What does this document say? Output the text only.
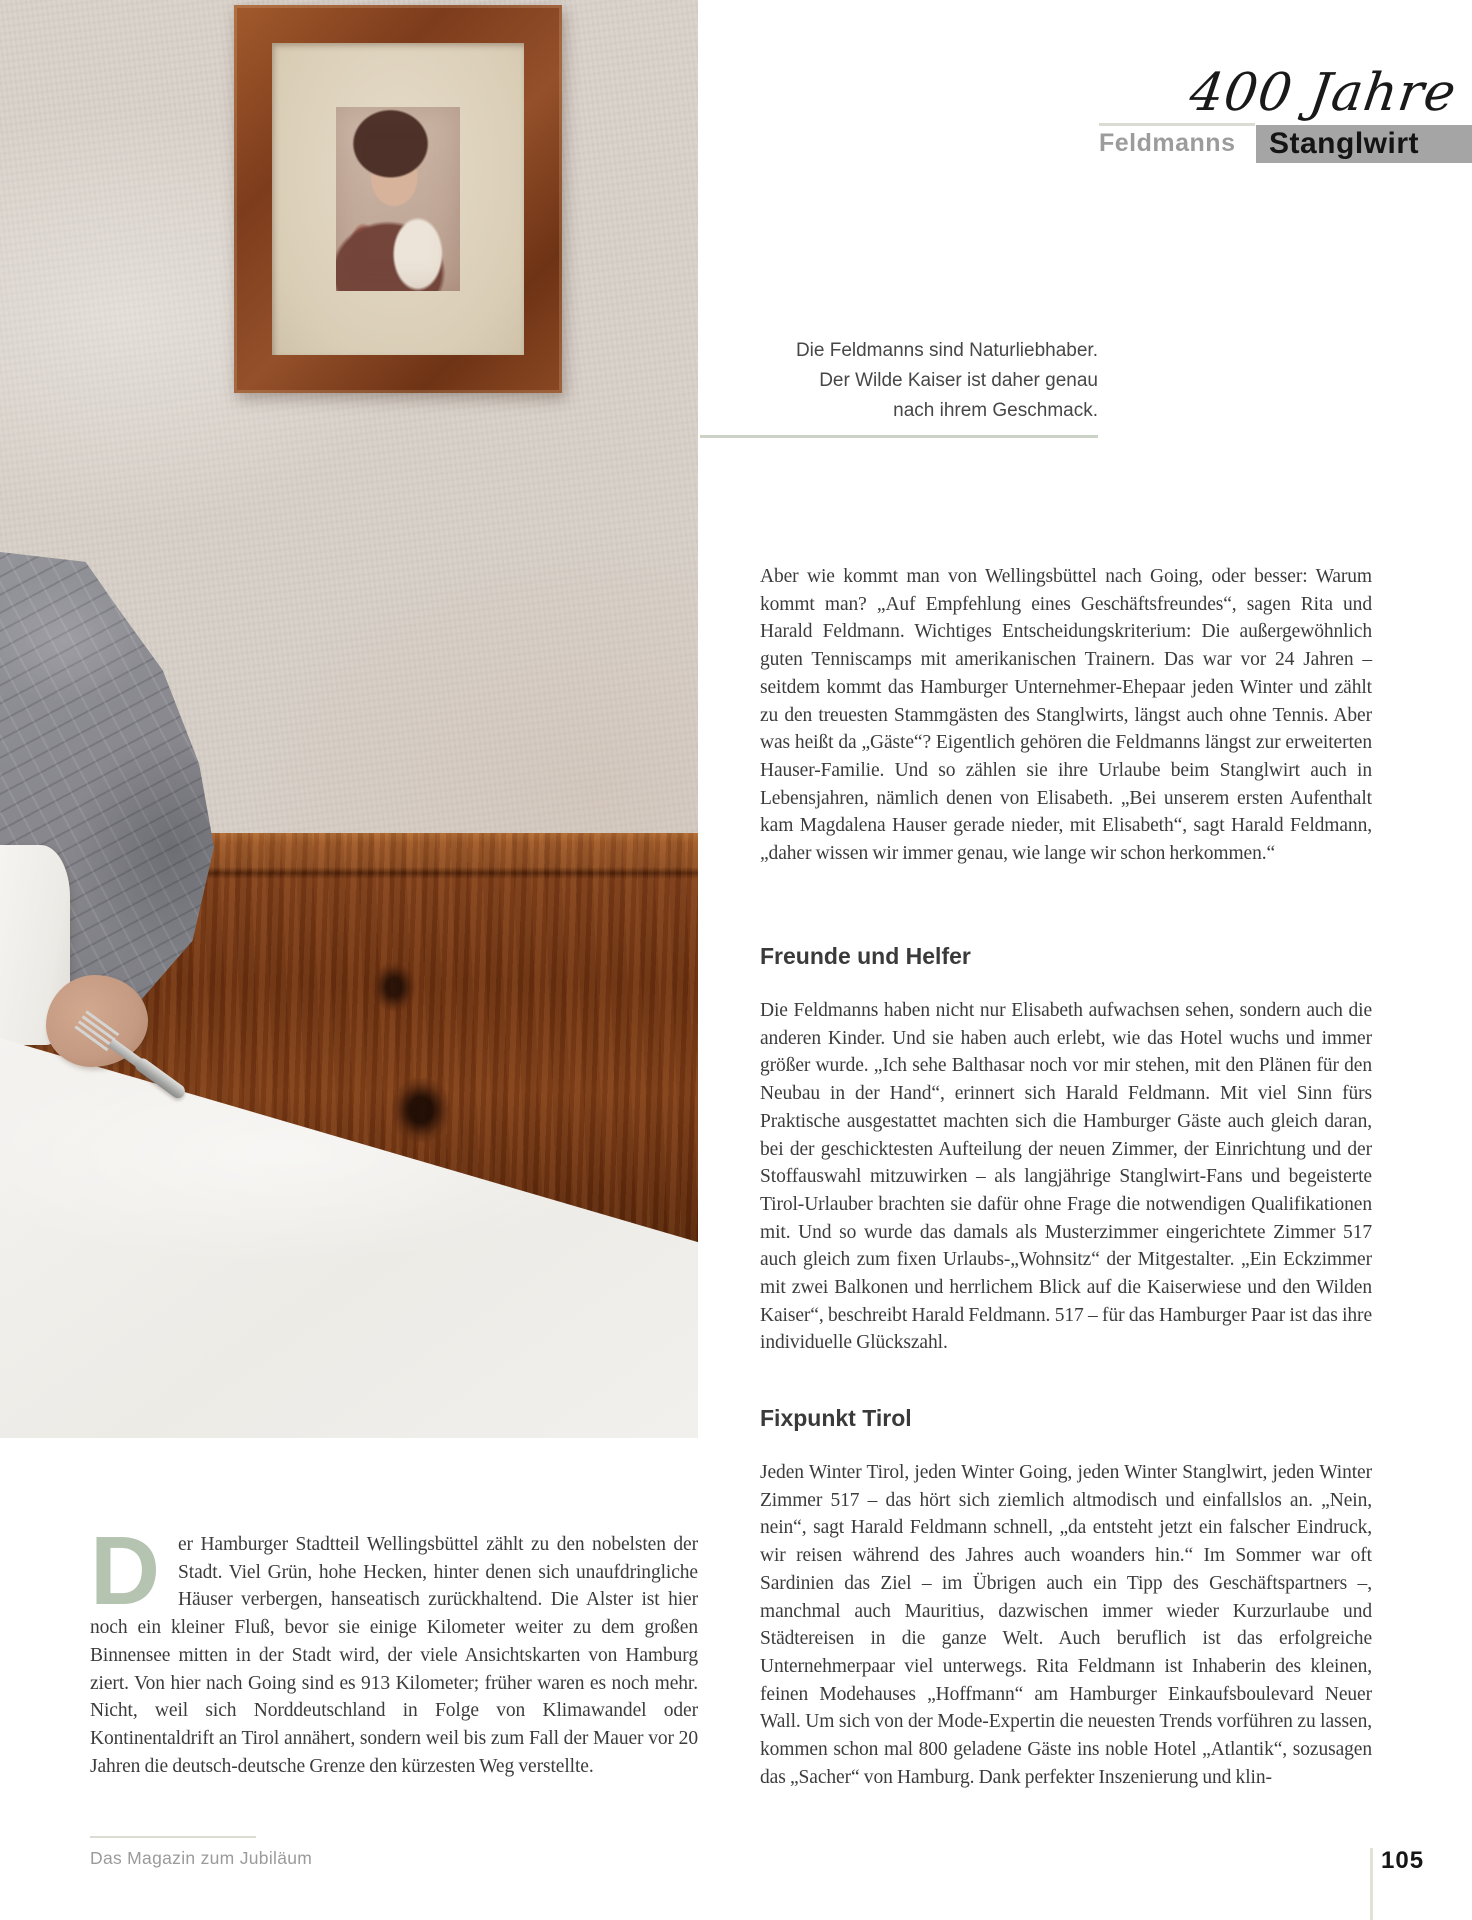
400 Jahre
Feldmanns	Stanglwirt
Die Feldmanns sind Naturliebhaber.
Der Wilde Kaiser ist daher genau
nach ihrem Geschmack.
Aber wie kommt man von Wellingsbüttel nach Going, oder besser: Warum kommt man? „Auf Empfehlung eines Geschäftsfreundes“, sagen Rita und Harald Feldmann. Wichtiges Entscheidungskriterium: Die außergewöhnlich guten Tenniscamps mit amerikanischen Trainern. Das war vor 24 Jahren – seitdem kommt das Hamburger Unternehmer-Ehepaar jeden Winter und zählt zu den treuesten Stammgästen des Stanglwirts, längst auch ohne Tennis. Aber was heißt da „Gäste“? Eigentlich gehören die Feldmanns längst zur erweiterten Hauser-Familie. Und so zählen sie ihre Urlaube beim Stanglwirt auch in Lebensjahren, nämlich denen von Elisabeth. „Bei unserem ersten Aufenthalt kam Magdalena Hauser gerade nieder, mit Elisabeth“, sagt Harald Feldmann, „daher wissen wir immer genau, wie lange wir schon herkommen.“
Freunde und Helfer
Die Feldmanns haben nicht nur Elisabeth aufwachsen sehen, sondern auch die anderen Kinder. Und sie haben auch erlebt, wie das Hotel wuchs und immer größer wurde. „Ich sehe Balthasar noch vor mir stehen, mit den Plänen für den Neubau in der Hand“, erinnert sich Harald Feldmann. Mit viel Sinn fürs Praktische ausgestattet machten sich die Hamburger Gäste auch gleich daran, bei der geschicktesten Aufteilung der neuen Zimmer, der Einrichtung und der Stoffauswahl mitzuwirken – als langjährige Stanglwirt-Fans und begeisterte Tirol-Urlauber brachten sie dafür ohne Frage die notwendigen Qualifikationen mit. Und so wurde das damals als Musterzimmer eingerichtete Zimmer 517 auch gleich zum fixen Urlaubs-„Wohnsitz“ der Mitgestalter. „Ein Eckzimmer mit zwei Balkonen und herrlichem Blick auf die Kaiserwiese und den Wilden Kaiser“, beschreibt Harald Feldmann. 517 – für das Hamburger Paar ist das ihre individuelle Glückszahl.
Fixpunkt Tirol
Jeden Winter Tirol, jeden Winter Going, jeden Winter Stanglwirt, jeden Winter Zimmer 517 – das hört sich ziemlich altmodisch und einfallslos an. „Nein, nein“, sagt Harald Feldmann schnell, „da entsteht jetzt ein falscher Eindruck, wir reisen während des Jahres auch woanders hin.“ Im Sommer war oft Sardinien das Ziel – im Übrigen auch ein Tipp des Geschäftspartners –, manchmal auch Mauritius, dazwischen immer wieder Kurzurlaube und Städtereisen in die ganze Welt. Auch beruflich ist das erfolgreiche Unternehmerpaar viel unterwegs. Rita Feldmann ist Inhaberin des kleinen, feinen Modehauses „Hoffmann“ am Hamburger Einkaufsboulevard Neuer Wall. Um sich von der Mode-Expertin die neuesten Trends vorführen zu lassen, kommen schon mal 800 geladene Gäste ins noble Hotel „Atlantik“, sozusagen das „Sacher“ von Hamburg. Dank perfekter Inszenierung und klin-
Der Hamburger Stadtteil Wellingsbüttel zählt zu den nobelsten der Stadt. Viel Grün, hohe Hecken, hinter denen sich unaufdringliche Häuser verbergen, hanseatisch zurückhaltend. Die Alster ist hier noch ein kleiner Fluß, bevor sie einige Kilometer weiter zu dem großen Binnensee mitten in der Stadt wird, der viele Ansichtskarten von Hamburg ziert. Von hier nach Going sind es 913 Kilometer; früher waren es noch mehr. Nicht, weil sich Norddeutschland in Folge von Klimawandel oder Kontinentaldrift an Tirol annähert, sondern weil bis zum Fall der Mauer vor 20 Jahren die deutsch-deutsche Grenze den kürzesten Weg verstellte.
Das Magazin zum Jubiläum	105
